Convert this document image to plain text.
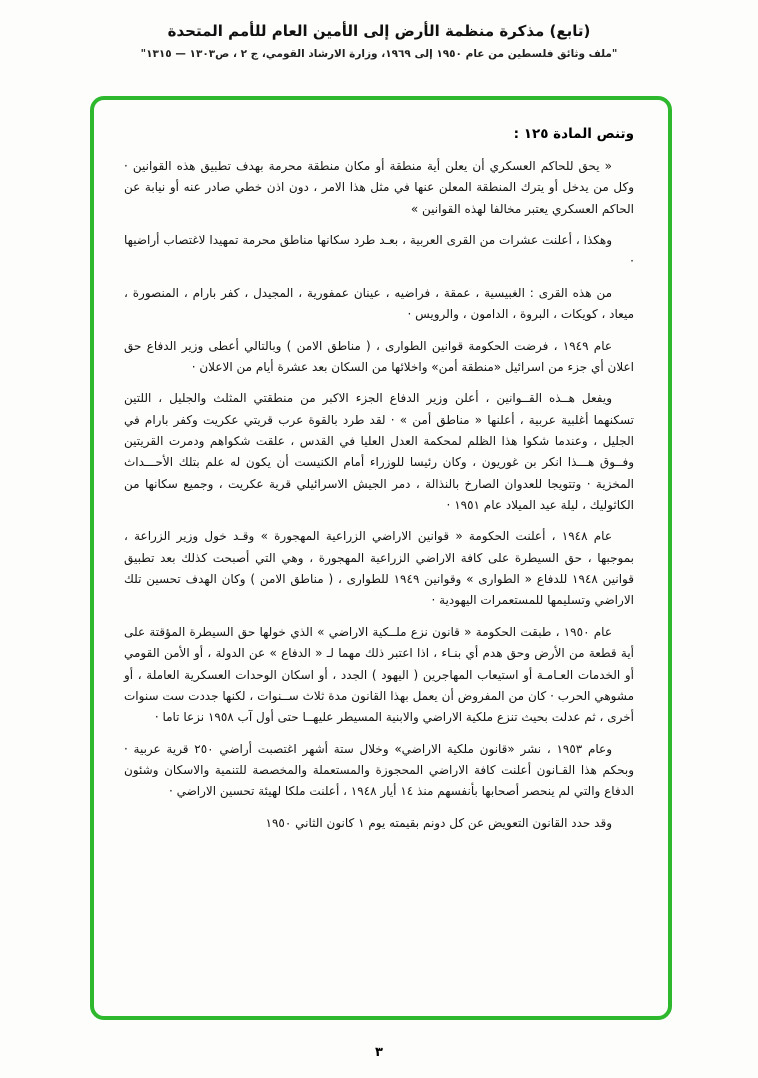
(تابع) مذكرة منظمة الأرض إلى الأمين العام للأمم المتحدة
"ملف وثائق فلسطين من عام ١٩٥٠ إلى ١٩٦٩، وزارة الارشاد القومي، ج ٢ ، ص١٣٠٣ — ١٣١٥"
وتنص المادة ١٢٥ :

« يحق للحاكم العسكري أن يعلن أية منطقة أو مكان منطقة محرمة بهدف تطبيق هذه القوانين · وكل من يدخل أو يترك المنطقة المعلن عنها في مثل هذا الامر ، دون اذن خطي صادر عنه أو نيابة عن الحاكم العسكري يعتبر مخالفا لهذه القوانين »

وهكذا ، أعلنت عشرات من القرى العربية ، بعـد طرد سكانها مناطق محرمة تمهيدا لاغتصاب أراضيها ·

من هذه القرى : الغبيسية ، عمقة ، فراضيه ، عينان عمفورية ، المجيدل ، كفر بارام ، المنصورة ، ميعاد ، كويكات ، البروة ، الدامون ، والرويس ·

عام ١٩٤٩ ، فرضت الحكومة قوانين الطوارى ، ( مناطق الامن ) وبالتالي أعطى وزير الدفاع حق اعلان أي جزء من اسرائيل «منطقة أمن» واخلائها من السكان بعد عشرة أيام من الاعلان ·

ويفعل هــذه القــوانين ، أعلن وزير الدفاع الجزء الاكبر من منطقتي المثلث والجليل ، اللتين تسكنهما أغلبية عربية ، أعلنها « مناطق أمن » · لقد طرد بالقوة عرب قريتي عكريت وكفر بارام في الجليل ، وعندما شكوا هذا الظلم لمحكمة العدل العليا في القدس ، علقت شكواهم ودمرت القريتين وفــوق هـــذا انكر بن غوريون ، وكان رئيسا للوزراء أمام الكنيست أن يكون له علم بتلك الأحـــداث المخزية · وتتويجا للعدوان الصارخ بالنذالة ، دمر الجيش الاسرائيلي قرية عكريت ، وجميع سكانها من الكاثوليك ، ليلة عيد الميلاد عام ١٩٥١ ·

عام ١٩٤٨ ، أعلنت الحكومة « قوانين الاراضي الزراعية المهجورة » وقـد خول وزير الزراعة ، بموجبها ، حق السيطرة على كافة الاراضي الزراعية المهجورة ، وهي التي أصبحت كذلك بعد تطبيق قوانين ١٩٤٨ للدفاع « الطوارى » وقوانين ١٩٤٩ للطوارى ، ( مناطق الامن ) وكان الهدف تحسين تلك الاراضي وتسليمها للمستعمرات اليهودية ·

عام ١٩٥٠ ، طبقت الحكومة « قانون نزع ملــكية الاراضي » الذي خولها حق السيطرة المؤقتة على أية قطعة من الأرض وحق هدم أي بنـاء ، اذا اعتبر ذلك مهما لـ « الدفاع » عن الدولة ، أو الأمن القومي أو الخدمات العـامـة أو استيعاب المهاجرين ( اليهود ) الجدد ، أو اسكان الوحدات العسكرية العاملة ، أو مشوهي الحرب · كان من المفروض أن يعمل بهذا القانون مدة ثلاث ســنوات ، لكنها جددت ست سنوات أخرى ، ثم عدلت بحيث تنزع ملكية الاراضي والابنية المسيطر عليهــا حتى أول آب ١٩٥٨ نزعا تاما ·

وعام ١٩٥٣ ، نشر «قانون ملكية الاراضي» وخلال ستة أشهر اغتصبت أراضي ٢٥٠ قرية عربية · وبحكم هذا القـانون أعلنت كافة الاراضي المحجوزة والمستعملة والمخصصة للتنمية والاسكان وشئون الدفاع والتي لم ينحصر أصحابها بأنفسهم منذ ١٤ أيار ١٩٤٨ ، أعلنت ملكا لهيئة تحسين الاراضي ·

وقد حدد القانون التعويض عن كل دونم بقيمته يوم ١ كانون الثاني ١٩٥٠

٣
